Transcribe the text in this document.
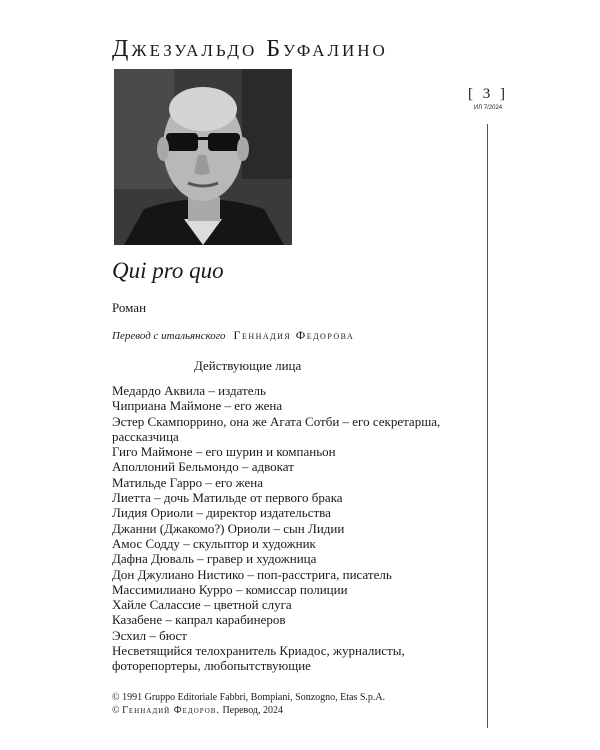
Джезуальдо Буфалино
[ 3 ]
ИЛ 7/2024
Qui pro quo
Роман
Перевод с итальянского Геннадия Федорова
Действующие лица
Медардо Аквила – издатель
Чиприана Маймоне – его жена
Эстер Скампоррино, она же Агата Сотби – его секретарша,
рассказчица
Гиго Маймоне – его шурин и компаньон
Аполлоний Бельмондо – адвокат
Матильде Гарро – его жена
Лиетта – дочь Матильде от первого брака
Лидия Ориоли – директор издательства
Джанни (Джакомо?) Ориоли – сын Лидии
Амос Содду – скульптор и художник
Дафна Дюваль – гравер и художница
Дон Джулиано Нистико – поп-расстрига, писатель
Массимилиано Курро – комиссар полиции
Хайле Салассие – цветной слуга
Казабене – капрал карабинеров
Эсхил – бюст
Несветящийся телохранитель Криадос, журналисты,
фоторепортеры, любопытствующие
© 1991 Gruppo Editoriale Fabbri, Bompiani, Sonzogno, Etas S.p.A.
© Геннадий Федоров. Перевод, 2024
